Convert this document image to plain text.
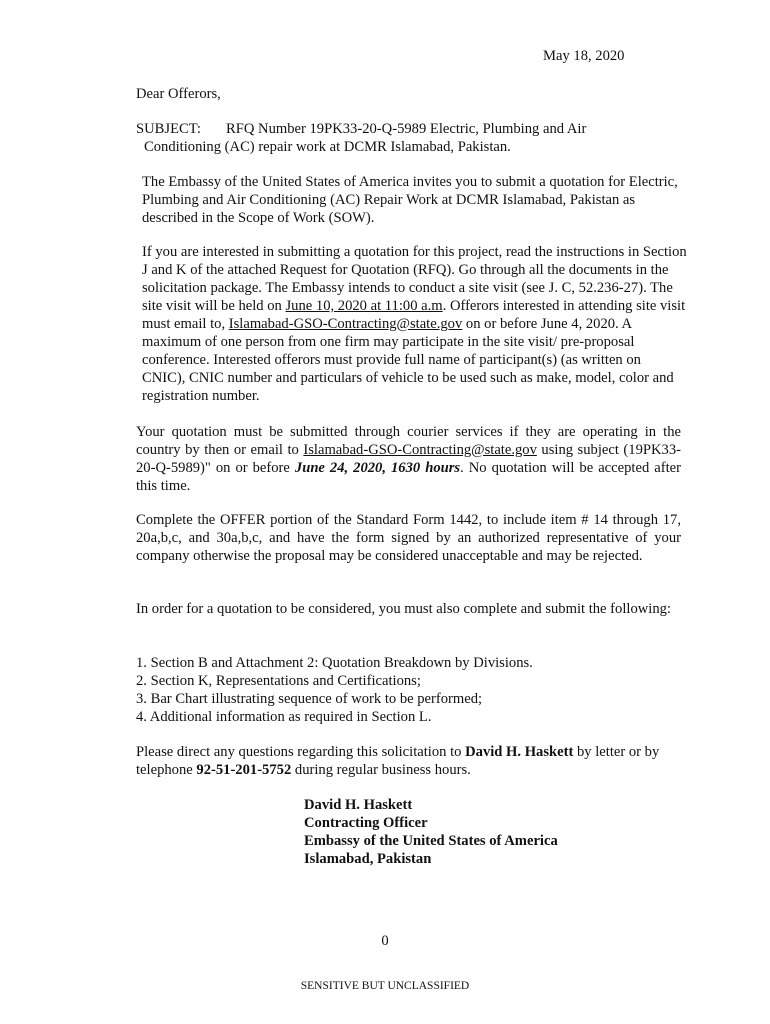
May 18, 2020
Dear Offerors,
SUBJECT: RFQ Number 19PK33-20-Q-5989 Electric, Plumbing and Air
Conditioning (AC) repair work at DCMR Islamabad, Pakistan.

The Embassy of the United States of America invites you to submit a quotation for Electric, Plumbing and Air Conditioning (AC) Repair Work at DCMR Islamabad, Pakistan as described in the Scope of Work (SOW).

If you are interested in submitting a quotation for this project, read the instructions in Section J and K of the attached Request for Quotation (RFQ). Go through all the documents in the solicitation package. The Embassy intends to conduct a site visit (see J. C, 52.236-27). The site visit will be held on June 10, 2020 at 11:00 a.m. Offerors interested in attending site visit must email to, Islamabad-GSO-Contracting@state.gov on or before June 4, 2020. A maximum of one person from one firm may participate in the site visit/ pre-proposal conference. Interested offerors must provide full name of participant(s) (as written on CNIC), CNIC number and particulars of vehicle to be used such as make, model, color and registration number.

Your quotation must be submitted through courier services if they are operating in the country by then or email to Islamabad-GSO-Contracting@state.gov using subject (19PK33-20-Q-5989)" on or before June 24, 2020, 1630 hours. No quotation will be accepted after this time.

Complete the OFFER portion of the Standard Form 1442, to include item # 14 through 17, 20a,b,c, and 30a,b,c, and have the form signed by an authorized representative of your company otherwise the proposal may be considered unacceptable and may be rejected.

In order for a quotation to be considered, you must also complete and submit the following:

1. Section B and Attachment 2: Quotation Breakdown by Divisions.
2. Section K, Representations and Certifications;
3. Bar Chart illustrating sequence of work to be performed;
4. Additional information as required in Section L.

Please direct any questions regarding this solicitation to David H. Haskett by letter or by telephone 92-51-201-5752 during regular business hours.

David H. Haskett
Contracting Officer
Embassy of the United States of America
Islamabad, Pakistan
0
SENSITIVE BUT UNCLASSIFIED
